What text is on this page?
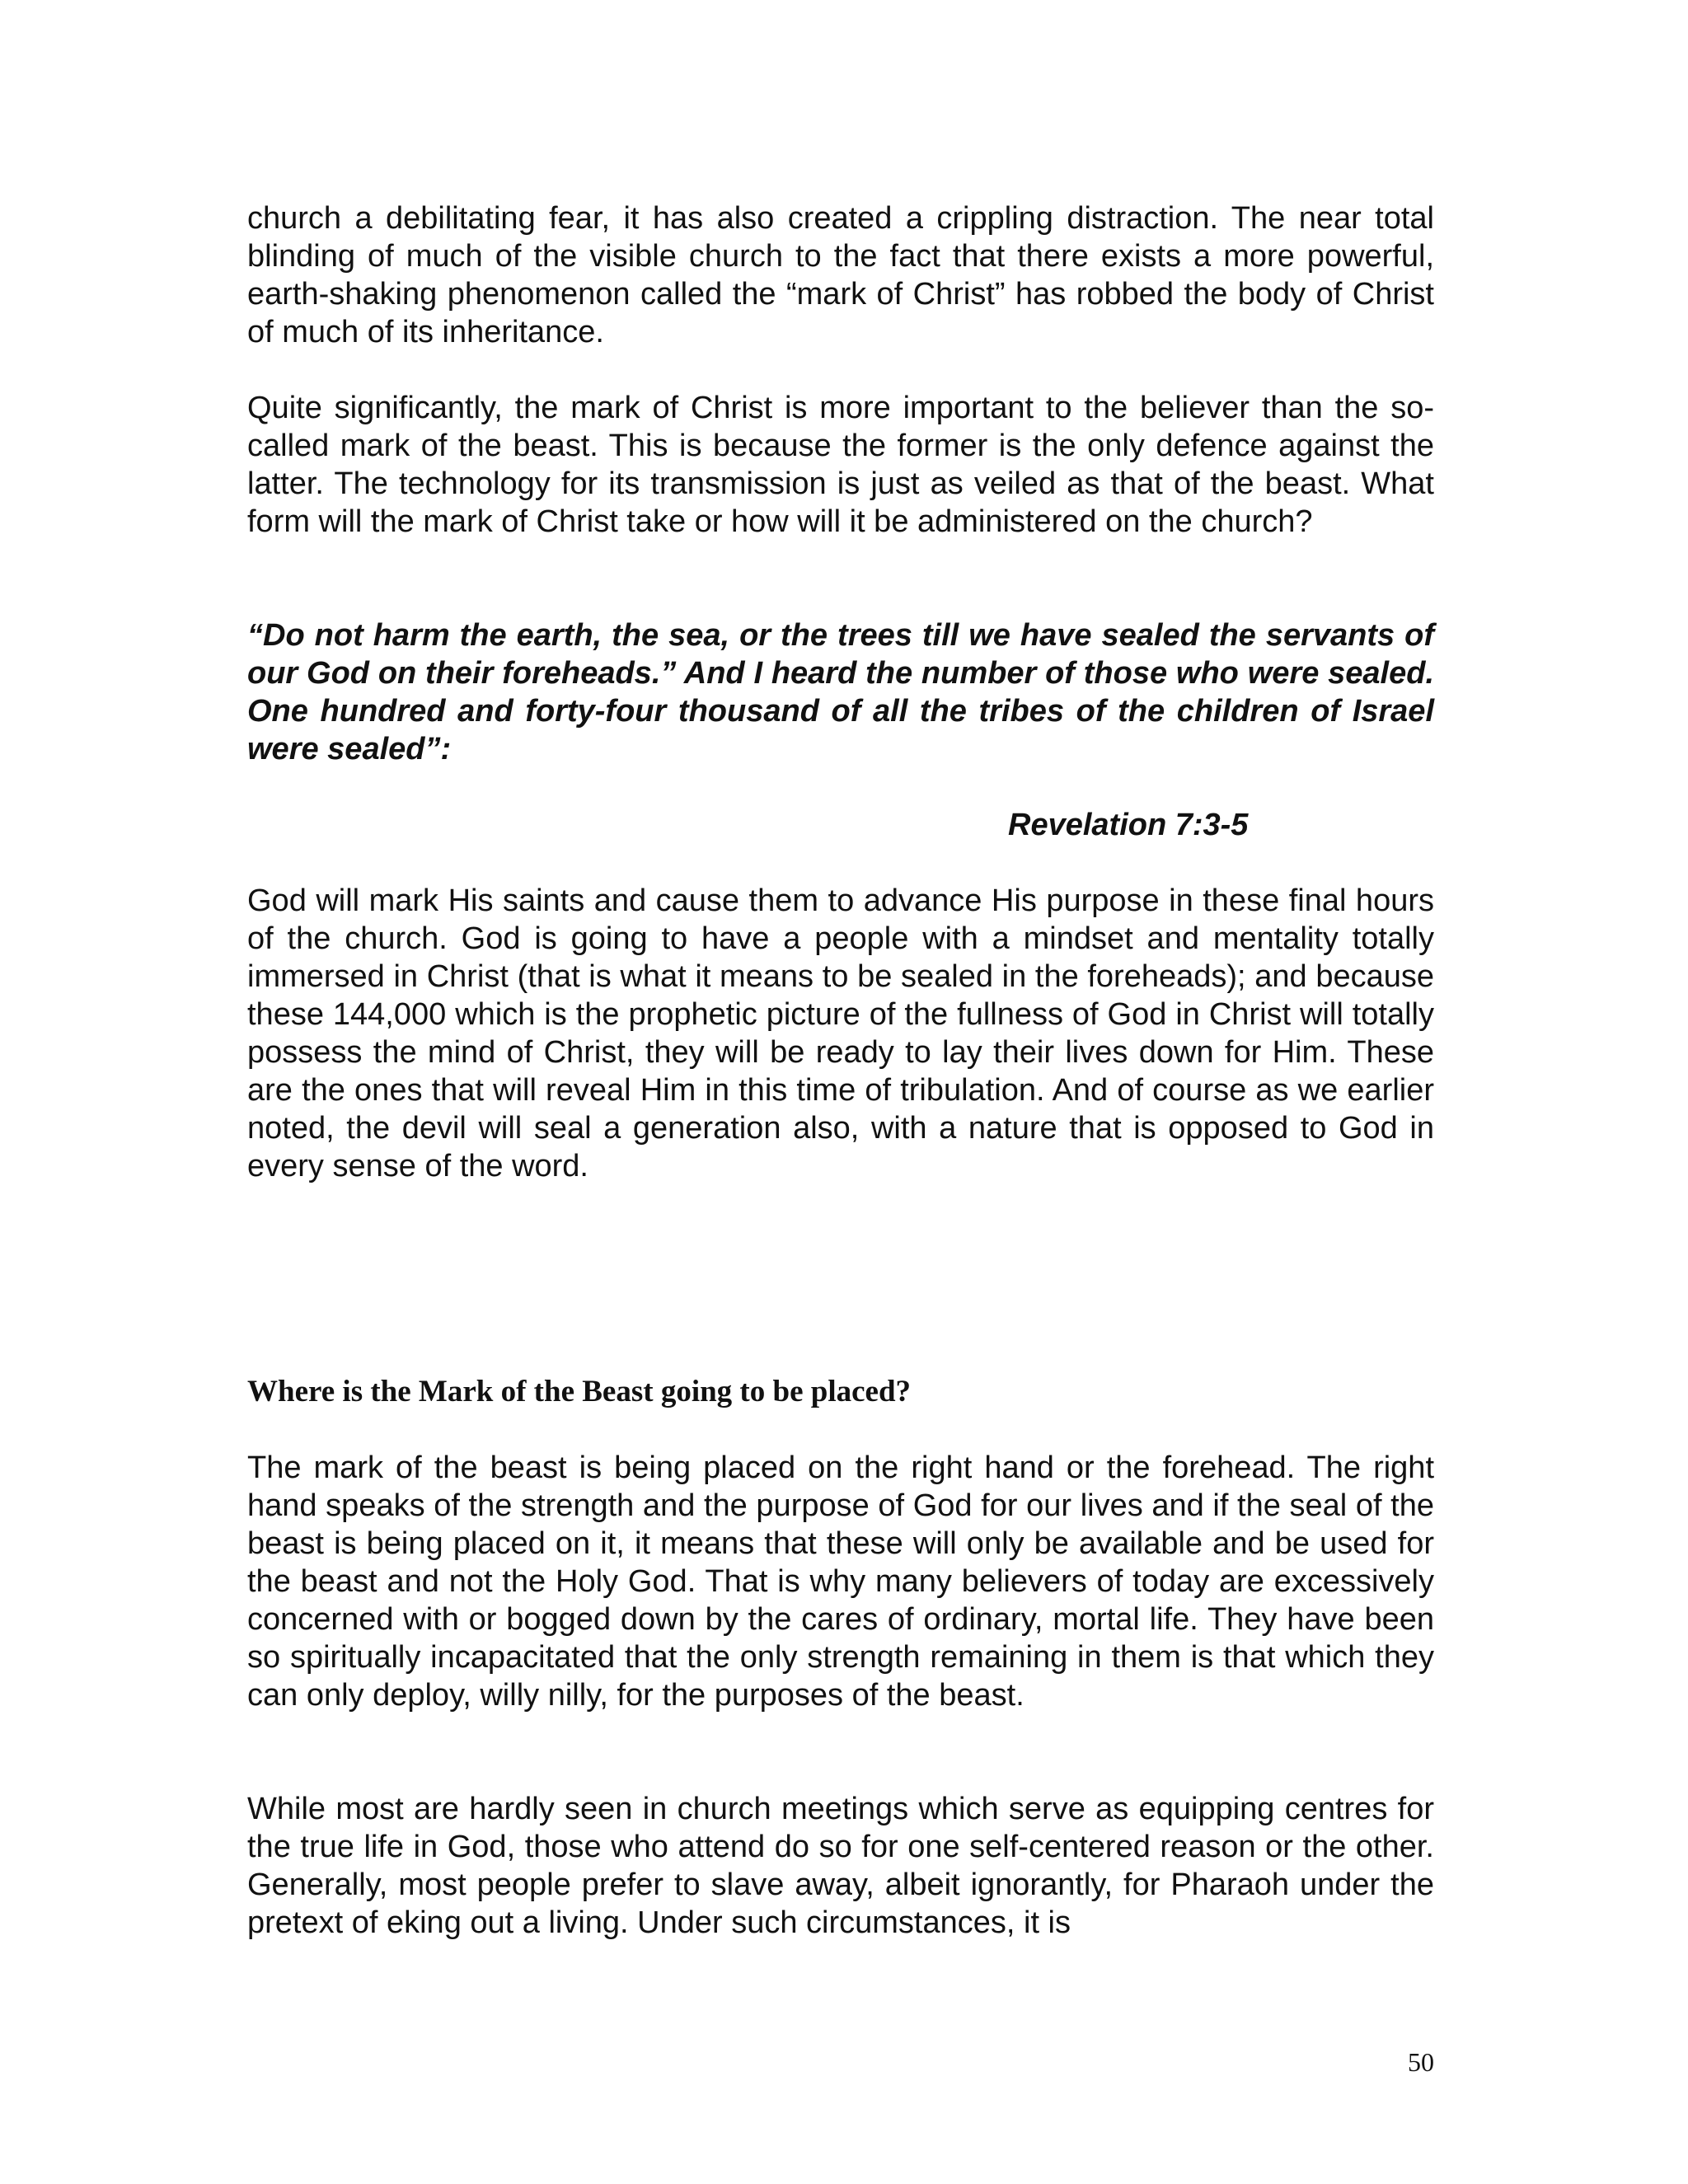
church a debilitating fear, it has also created a crippling distraction. The near total blinding of much of the visible church to the fact that there exists a more powerful, earth-shaking phenomenon called the “mark of Christ” has robbed the body of Christ of much of its inheritance.

Quite significantly, the mark of Christ is more important to the believer than the so-called mark of the beast. This is because the former is the only defence against the latter. The technology for its transmission is just as veiled as that of the beast. What form will the mark of Christ take or how will it be administered on the church?

“Do not harm the earth, the sea, or the trees till we have sealed the servants of our God on their foreheads.” And I heard the number of those who were sealed. One hundred and forty-four thousand of all the tribes of the children of Israel were sealed”:

Revelation 7:3-5

God will mark His saints and cause them to advance His purpose in these final hours of the church. God is going to have a people with a mindset and mentality totally immersed in Christ (that is what it means to be sealed in the foreheads); and because these 144,000 which is the prophetic picture of the fullness of God in Christ will totally possess the mind of Christ, they will be ready to lay their lives down for Him. These are the ones that will reveal Him in this time of tribulation. And of course as we earlier noted, the devil will seal a generation also, with a nature that is opposed to God in every sense of the word.

Where is the Mark of the Beast going to be placed?

The mark of the beast is being placed on the right hand or the forehead. The right hand speaks of the strength and the purpose of God for our lives and if the seal of the beast is being placed on it, it means that these will only be available and be used for the beast and not the Holy God. That is why many believers of today are excessively concerned with or bogged down by the cares of ordinary, mortal life. They have been so spiritually incapacitated that the only strength remaining in them is that which they can only deploy, willy nilly, for the purposes of the beast.

While most are hardly seen in church meetings which serve as equipping centres for the true life in God, those who attend do so for one self-centered reason or the other. Generally, most people prefer to slave away, albeit ignorantly, for Pharaoh under the pretext of eking out a living. Under such circumstances, it is

50
